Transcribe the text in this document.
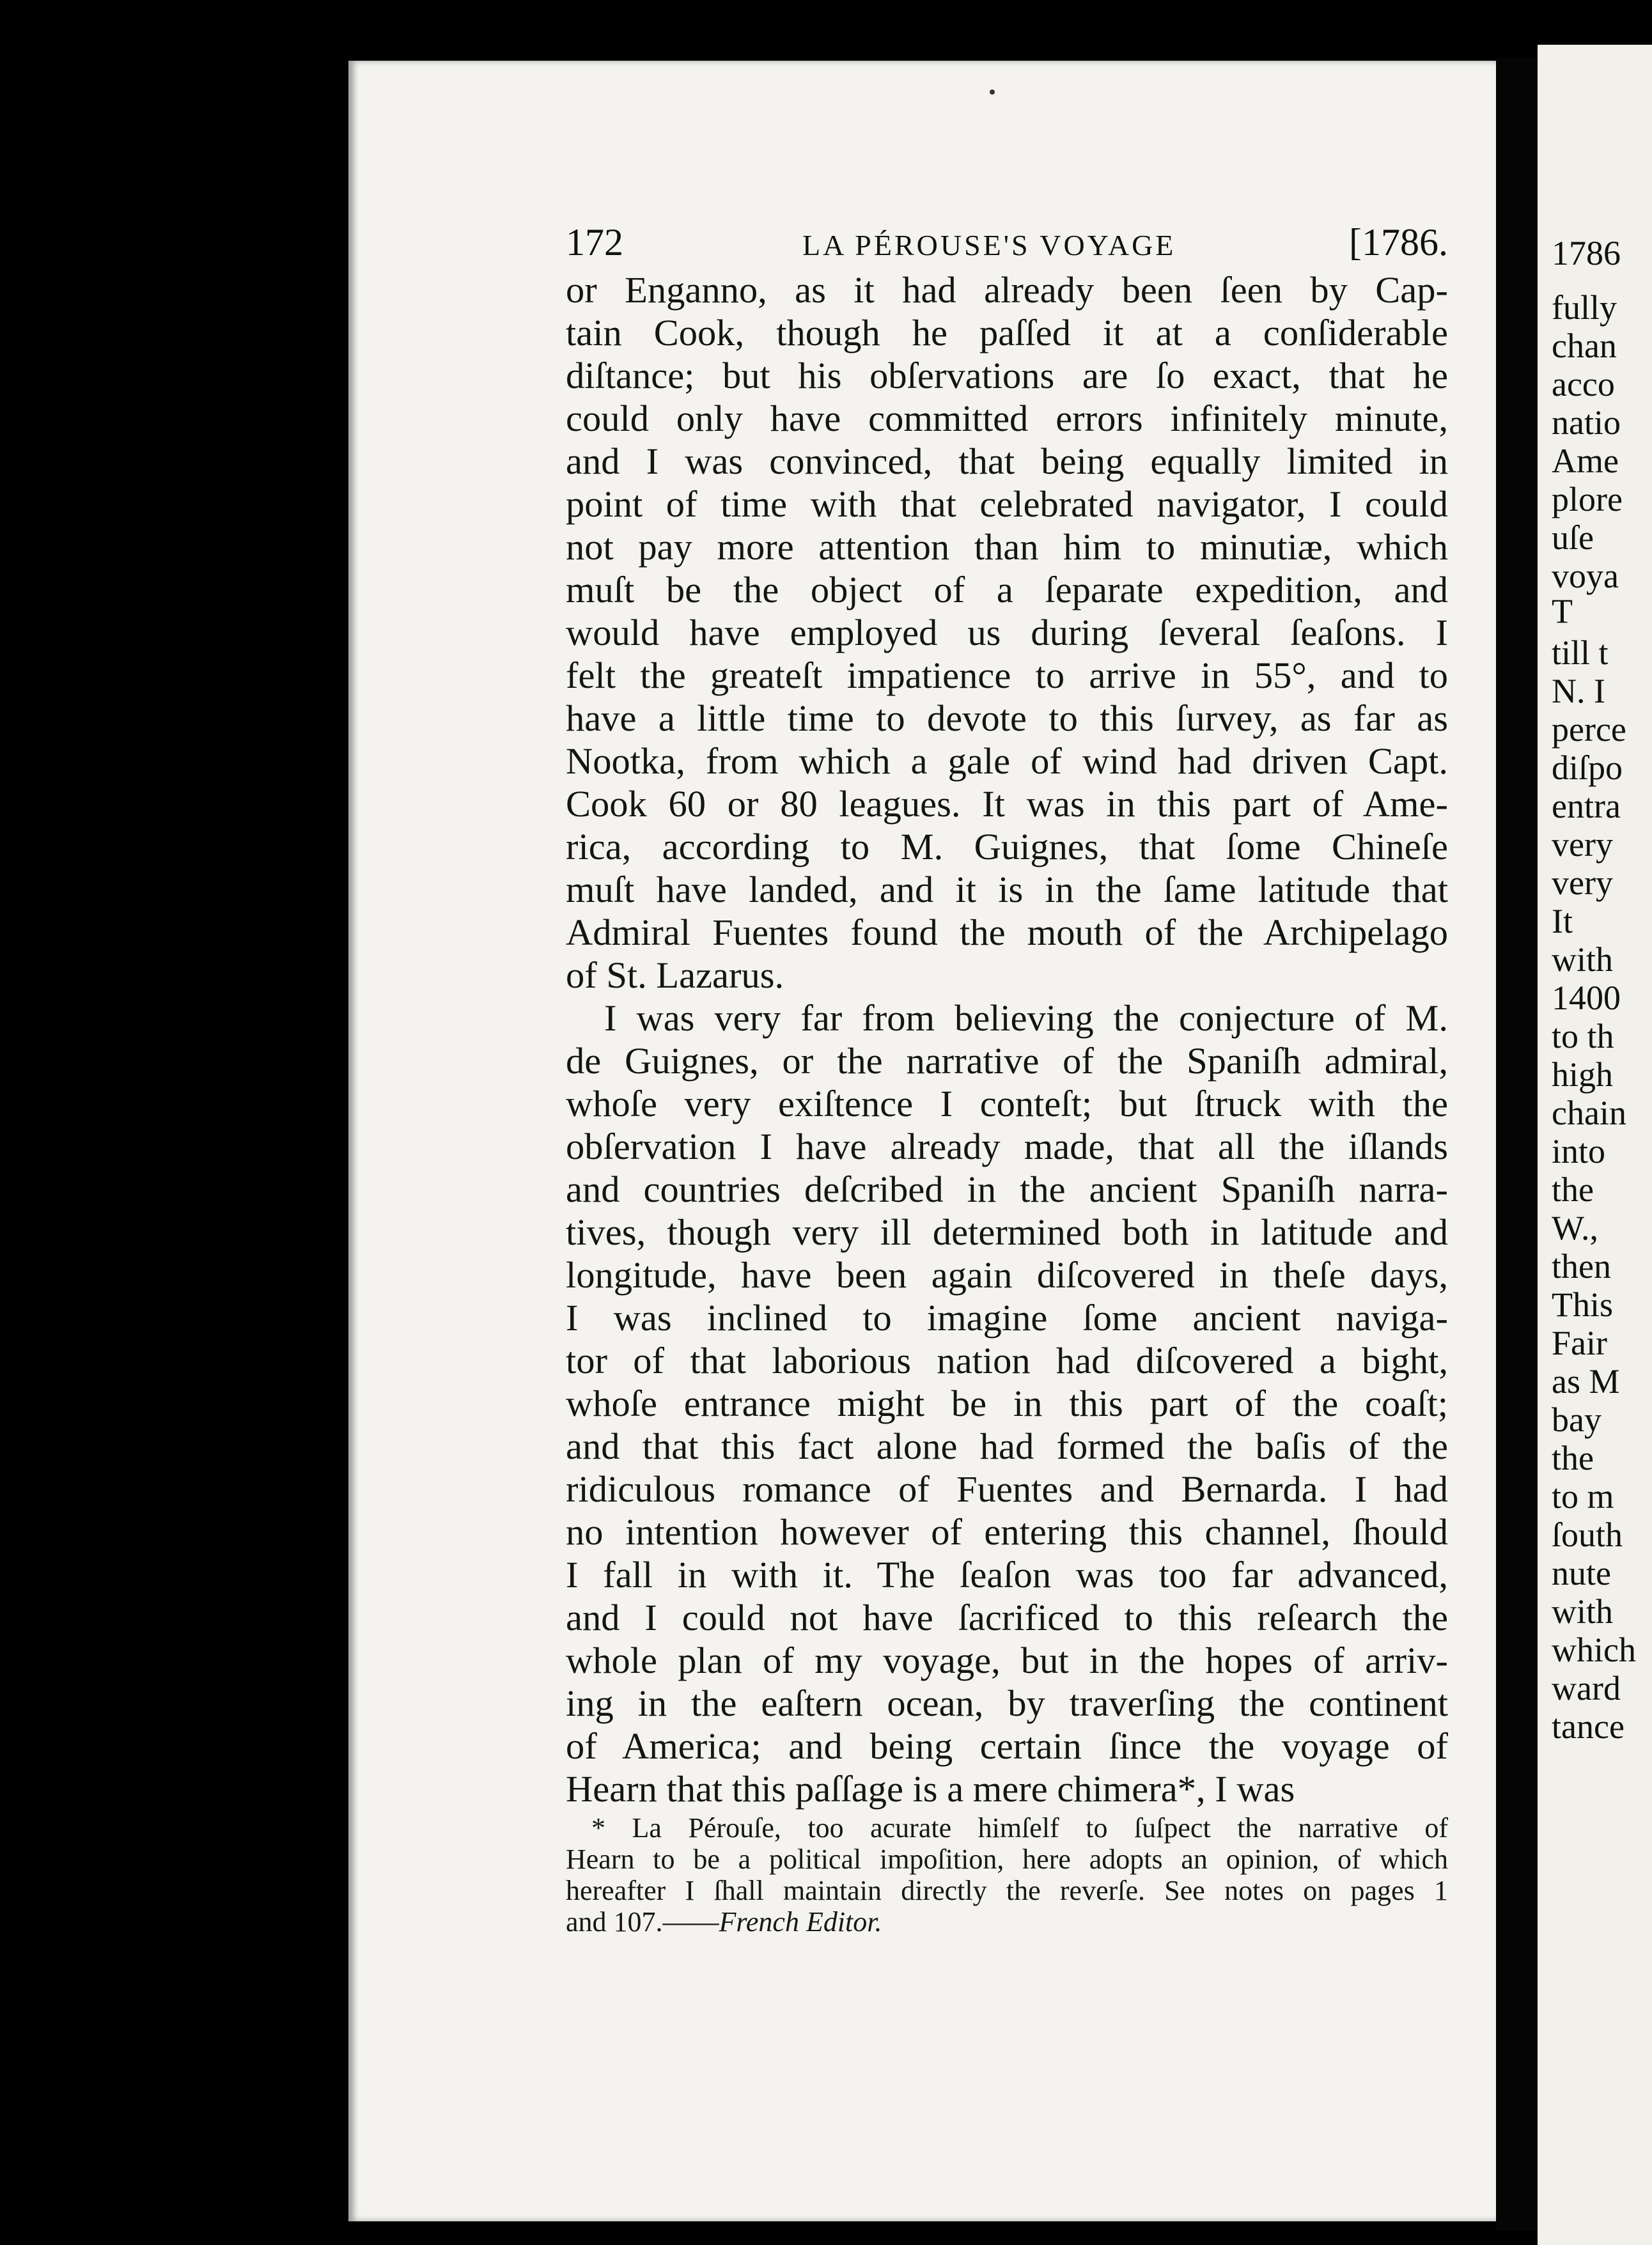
172	LA PÉROUSE'S VOYAGE	[1786.
or Enganno, as it had already been ſeen by Cap-
tain Cook, though he paſſed it at a conſiderable
diſtance; but his obſervations are ſo exact, that he
could only have committed errors infinitely minute,
and I was convinced, that being equally limited in
point of time with that celebrated navigator, I could
not pay more attention than him to minutiæ, which
muſt be the object of a ſeparate expedition, and
would have employed us during ſeveral ſeaſons. I
felt the greateſt impatience to arrive in 55°, and to
have a little time to devote to this ſurvey, as far as
Nootka, from which a gale of wind had driven Capt.
Cook 60 or 80 leagues. It was in this part of Ame-
rica, according to M. Guignes, that ſome Chineſe
muſt have landed, and it is in the ſame latitude that
Admiral Fuentes found the mouth of the Archipelago
of St. Lazarus.
I was very far from believing the conjecture of M.
de Guignes, or the narrative of the Spaniſh admiral,
whoſe very exiſtence I conteſt; but ſtruck with the
obſervation I have already made, that all the iſlands
and countries deſcribed in the ancient Spaniſh narra-
tives, though very ill determined both in latitude and
longitude, have been again diſcovered in theſe days,
I was inclined to imagine ſome ancient naviga-
tor of that laborious nation had diſcovered a bight,
whoſe entrance might be in this part of the coaſt;
and that this fact alone had formed the baſis of the
ridiculous romance of Fuentes and Bernarda. I had
no intention however of entering this channel, ſhould
I fall in with it. The ſeaſon was too far advanced,
and I could not have ſacrificed to this reſearch the
whole plan of my voyage, but in the hopes of arriv-
ing in the eaſtern ocean, by traverſing the continent
of America; and being certain ſince the voyage of
Hearn that this paſſage is a mere chimera*, I was
* La Pérouſe, too acurate himſelf to ſuſpect the narrative of
Hearn to be a political impoſition, here adopts an opinion, of which
hereafter I ſhall maintain directly the reverſe. See notes on pages 1
and 107.——French Editor.
1786
fully
chan
acco
natio
Ame
plore
uſe
voya
T
till t
N. I
perce
diſpo
entra
very
very
It
with
1400
to th
high
chain
into
the
W.,
then
This
Fair
as M
bay
the
to m
ſouth
nute
with
which
ward
tance
